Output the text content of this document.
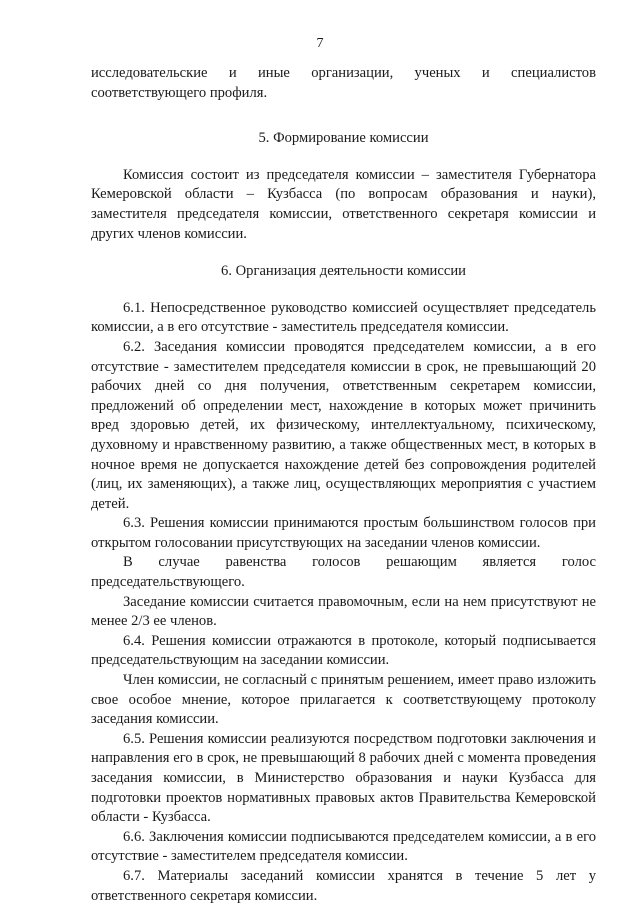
7

исследовательские и иные организации, ученых и специалистов соответствующего профиля.

5. Формирование комиссии

Комиссия состоит из председателя комиссии – заместителя Губернатора Кемеровской области – Кузбасса (по вопросам образования и науки), заместителя председателя комиссии, ответственного секретаря комиссии и других членов комиссии.

6. Организация деятельности комиссии

6.1. Непосредственное руководство комиссией осуществляет председатель комиссии, а в его отсутствие - заместитель председателя комиссии.

6.2. Заседания комиссии проводятся председателем комиссии, а в его отсутствие - заместителем председателя комиссии в срок, не превышающий 20 рабочих дней со дня получения, ответственным секретарем комиссии, предложений об определении мест, нахождение в которых может причинить вред здоровью детей, их физическому, интеллектуальному, психическому, духовному и нравственному развитию, а также общественных мест, в которых в ночное время не допускается нахождение детей без сопровождения родителей (лиц, их заменяющих), а также лиц, осуществляющих мероприятия с участием детей.

6.3. Решения комиссии принимаются простым большинством голосов при открытом голосовании присутствующих на заседании членов комиссии.

В случае равенства голосов решающим является голос председательствующего.

Заседание комиссии считается правомочным, если на нем присутствуют не менее 2/3 ее членов.

6.4. Решения комиссии отражаются в протоколе, который подписывается председательствующим на заседании комиссии.

Член комиссии, не согласный с принятым решением, имеет право изложить свое особое мнение, которое прилагается к соответствующему протоколу заседания комиссии.

6.5. Решения комиссии реализуются посредством подготовки заключения и направления его в срок, не превышающий 8 рабочих дней с момента проведения заседания комиссии, в Министерство образования и науки Кузбасса для подготовки проектов нормативных правовых актов Правительства Кемеровской области - Кузбасса.

6.6. Заключения комиссии подписываются председателем комиссии, а в его отсутствие - заместителем председателя комиссии.

6.7. Материалы заседаний комиссии хранятся в течение 5 лет у ответственного секретаря комиссии.
